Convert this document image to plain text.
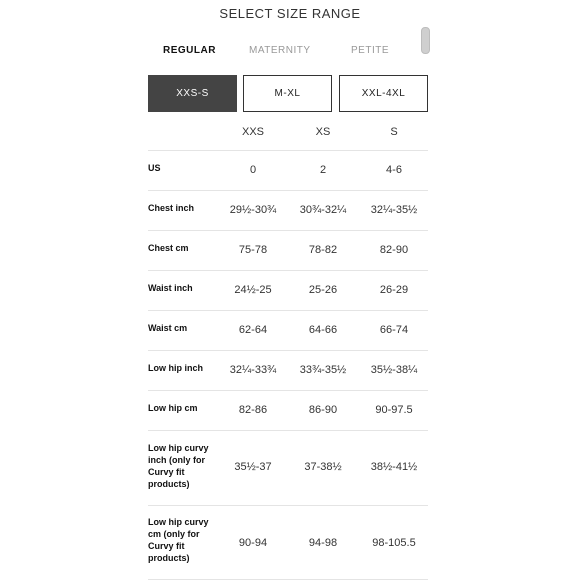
SELECT SIZE RANGE
REGULAR	MATERNITY	PETITE
XXS-S	M-XL	XXL-4XL
XXS	XS	S
US	0	2	4-6
Chest inch	29½-30¾	30¾-32¼	32¼-35½
Chest cm	75-78	78-82	82-90
Waist inch	24½-25	25-26	26-29
Waist cm	62-64	64-66	66-74
Low hip inch	32¼-33¾	33¾-35½	35½-38¼
Low hip cm	82-86	86-90	90-97.5
Low hip curvy
inch (only for
Curvy fit
products)
35½-37	37-38½	38½-41½
Low hip curvy
cm (only for
Curvy fit
products)
90-94	94-98	98-105.5
